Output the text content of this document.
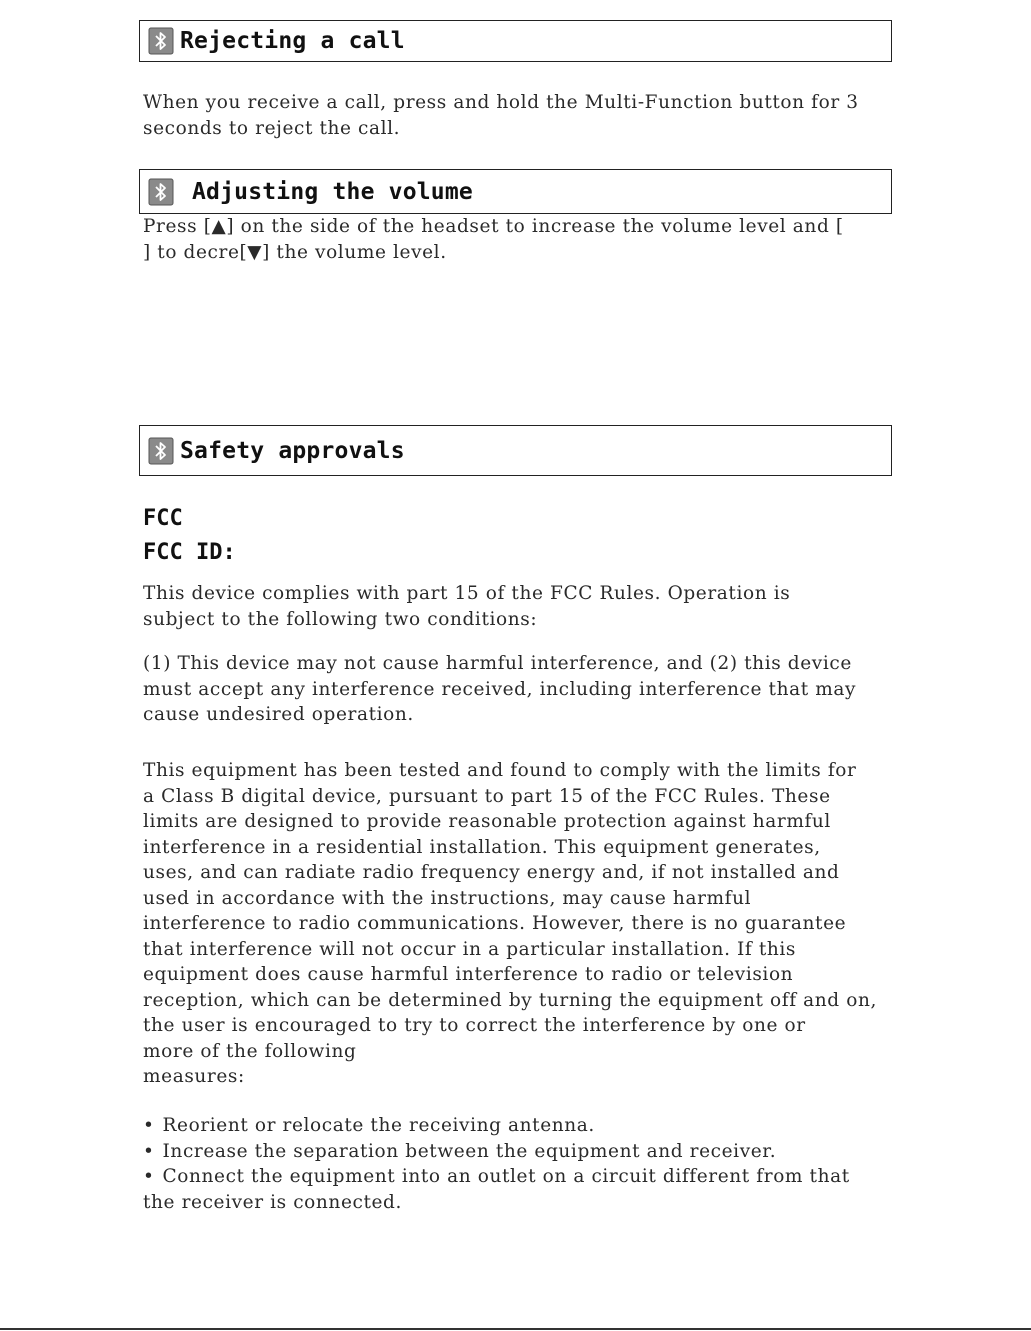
Rejecting a call
When you receive a call, press and hold the Multi-Function button for 3
seconds to reject the call.
Adjusting the volume
Press [▲] on the side of the headset to increase the volume level and [
] to decre[▼] the volume level.
Safety approvals
FCC
FCC ID:
This device complies with part 15 of the FCC Rules. Operation is
subject to the following two conditions:
(1) This device may not cause harmful interference, and (2) this device
must accept any interference received, including interference that may
cause undesired operation.
This equipment has been tested and found to comply with the limits for
a Class B digital device, pursuant to part 15 of the FCC Rules. These
limits are designed to provide reasonable protection against harmful
interference in a residential installation. This equipment generates,
uses, and can radiate radio frequency energy and, if not installed and
used in accordance with the instructions, may cause harmful
interference to radio communications. However, there is no guarantee
that interference will not occur in a particular installation. If this
equipment does cause harmful interference to radio or television
reception, which can be determined by turning the equipment off and on,
the user is encouraged to try to correct the interference by one or
more of the following
measures:
• Reorient or relocate the receiving antenna.
• Increase the separation between the equipment and receiver.
• Connect the equipment into an outlet on a circuit different from that
the receiver is connected.
